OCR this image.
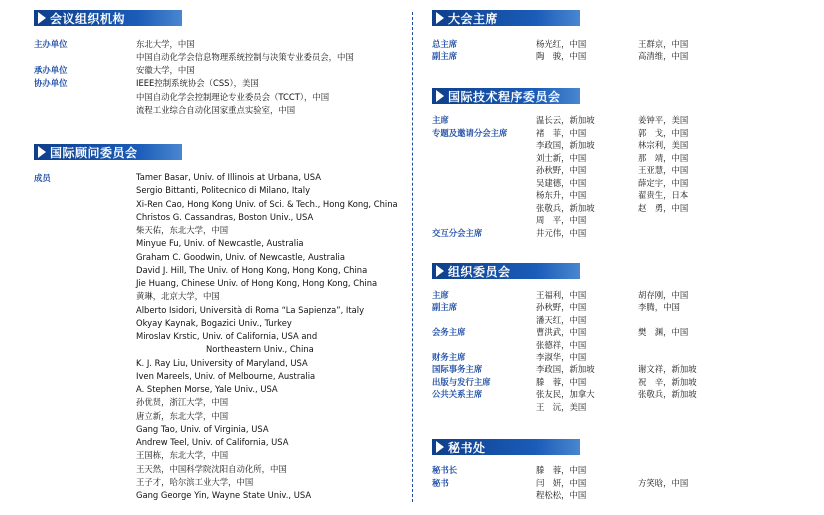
会议组织机构
主办单位	东北大学，中国
中国自动化学会信息物理系统控制与决策专业委员会，中国
承办单位	安徽大学，中国
协办单位	IEEE控制系统协会（CSS），美国
中国自动化学会控制理论专业委员会（TCCT），中国
流程工业综合自动化国家重点实验室，中国
国际顾问委员会
成员	Tamer Basar, Univ. of Illinois at Urbana, USA
Sergio Bittanti, Politecnico di Milano, Italy
Xi-Ren Cao, Hong Kong Univ. of Sci. & Tech., Hong Kong, China
Christos G. Cassandras, Boston Univ., USA
柴天佑，东北大学，中国
Minyue Fu, Univ. of Newcastle, Australia
Graham C. Goodwin, Univ. of Newcastle, Australia
David J. Hill, The Univ. of Hong Kong, Hong Kong, China
Jie Huang, Chinese Univ. of Hong Kong, Hong Kong, China
黄琳，北京大学，中国
Alberto Isidori, Università di Roma “La Sapienza”, Italy
Okyay Kaynak, Bogazici Univ., Turkey
Miroslav Krstic, Univ. of California, USA and
Northeastern Univ., China
K. J. Ray Liu, University of Maryland, USA
Iven Mareels, Univ. of Melbourne, Australia
A. Stephen Morse, Yale Univ., USA
孙优贤，浙江大学，中国
唐立新，东北大学，中国
Gang Tao, Univ. of Virginia, USA
Andrew Teel, Univ. of California, USA
王国栋，东北大学，中国
王天然，中国科学院沈阳自动化所，中国
王子才，哈尔滨工业大学，中国
Gang George Yin, Wayne State Univ., USA
大会主席
总主席	杨光红，中国	王群京，中国
副主席	陶　骏，中国	高清维，中国
国际技术程序委员会
主席	温长云，新加坡	姜钟平，美国
专题及邀请分会主席	褚　菲，中国	郭　戈，中国
李政国，新加坡	林宗利，美国
刘士新，中国	那　靖，中国
孙秋野，中国	王亚慧，中国
吴建德，中国	薛定宇，中国
杨东升，中国	翟贵生，日本
张敬兵，新加坡	赵　勇，中国
周　平，中国
交互分会主席	井元伟，中国
组织委员会
主席	王福利，中国	胡存刚，中国
副主席	孙秋野，中国	李腾，中国
潘天红，中国
会务主席	曹洪武，中国	樊　渊，中国
张德祥，中国
财务主席	李淑华，中国
国际事务主席	李政国，新加坡	谢文祥，新加坡
出版与发行主席	滕　蓉，中国	祝　辛，新加坡
公共关系主席	张友民，加拿大	张敬兵，新加坡
王　沅，美国
秘书处
秘书长	滕　蓉，中国
秘书	闫　妍，中国	方笑晗，中国
程松松，中国
